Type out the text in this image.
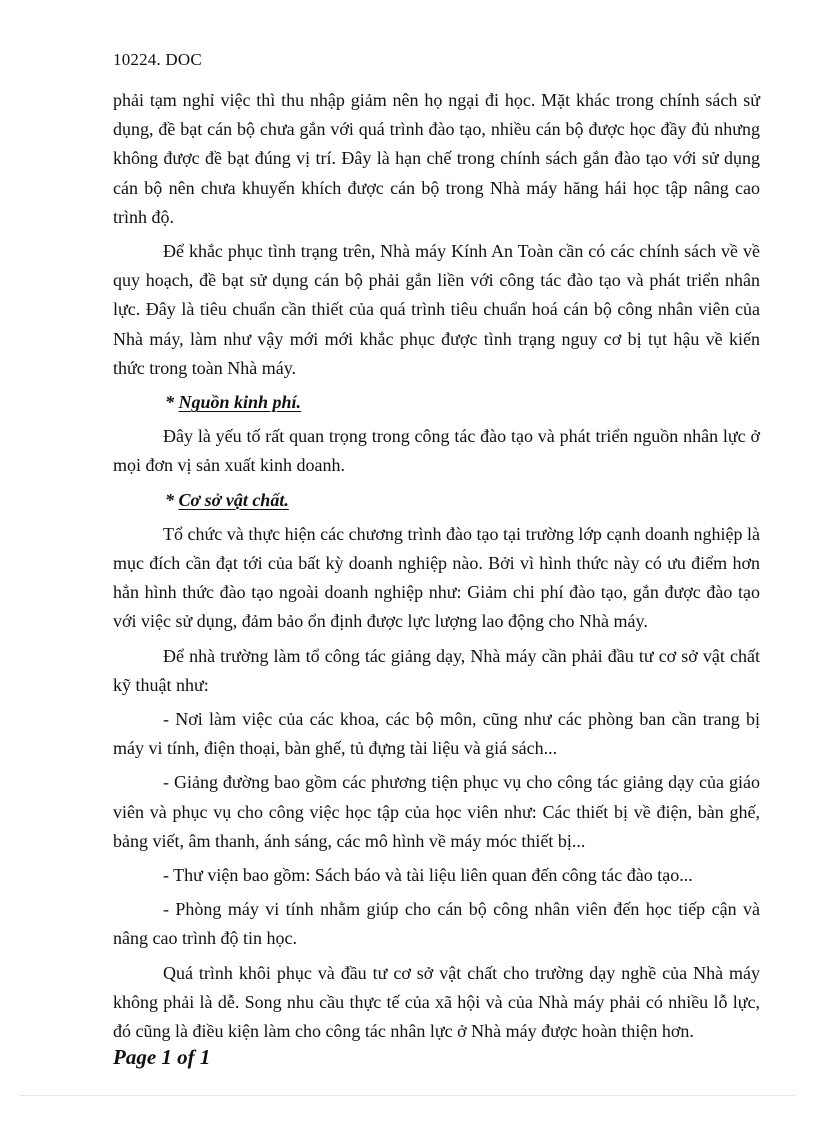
10224. DOC

phải tạm nghỉ việc thì thu nhập giảm nên họ ngại đi học. Mặt khác trong chính sách sử dụng, đề bạt cán bộ chưa gắn với quá trình đào tạo, nhiều cán bộ được học đầy đủ nhưng không được đề bạt đúng vị trí. Đây là hạn chế trong chính sách gắn đào tạo với sử dụng cán bộ nên chưa khuyến khích được cán bộ trong Nhà máy hăng hái học tập nâng cao trình độ.

Để khắc phục tình trạng trên, Nhà máy Kính An Toàn cần có các chính sách về về quy hoạch, đề bạt sử dụng cán bộ phải gắn liền với công tác đào tạo và phát triển nhân lực. Đây là tiêu chuẩn cần thiết của quá trình tiêu chuẩn hoá cán bộ công nhân viên của Nhà máy, làm như vậy mới mới khắc phục được tình trạng nguy cơ bị tụt hậu về kiến thức trong toàn Nhà máy.

* Nguồn kinh phí.

Đây là yếu tố rất quan trọng trong công tác đào tạo và phát triển nguồn nhân lực ở mọi đơn vị sản xuất kinh doanh.

* Cơ sở vật chất.

Tổ chức và thực hiện các chương trình đào tạo tại trường lớp cạnh doanh nghiệp là mục đích cần đạt tới của bất kỳ doanh nghiệp nào. Bởi vì hình thức này có ưu điểm hơn hẳn hình thức đào tạo ngoài doanh nghiệp như: Giảm chi phí đào tạo, gắn được đào tạo với việc sử dụng, đảm bảo ổn định được lực lượng lao động cho Nhà máy.

Để nhà trường làm tổ công tác giảng dạy, Nhà máy cần phải đầu tư cơ sở vật chất kỹ thuật như:

- Nơi làm việc của các khoa, các bộ môn, cũng như các phòng ban cần trang bị máy vi tính, điện thoại, bàn ghế, tủ đựng tài liệu và giá sách...

- Giảng đường bao gồm các phương tiện phục vụ cho công tác giảng dạy của giáo viên và phục vụ cho công việc học tập của học viên như: Các thiết bị về điện, bàn ghế, bảng viết, âm thanh, ánh sáng, các mô hình về máy móc thiết bị...

- Thư viện bao gồm: Sách báo và tài liệu liên quan đến công tác đào tạo...

- Phòng máy vi tính nhằm giúp cho cán bộ công nhân viên đến học tiếp cận và nâng cao trình độ tin học.

Quá trình khôi phục và đầu tư cơ sở vật chất cho trường dạy nghề của Nhà máy không phải là dễ. Song nhu cầu thực tế của xã hội và của Nhà máy phải có nhiều lỗ lực, đó cũng là điều kiện làm cho công tác nhân lực ở Nhà máy được hoàn thiện hơn.

Page 1 of 1
